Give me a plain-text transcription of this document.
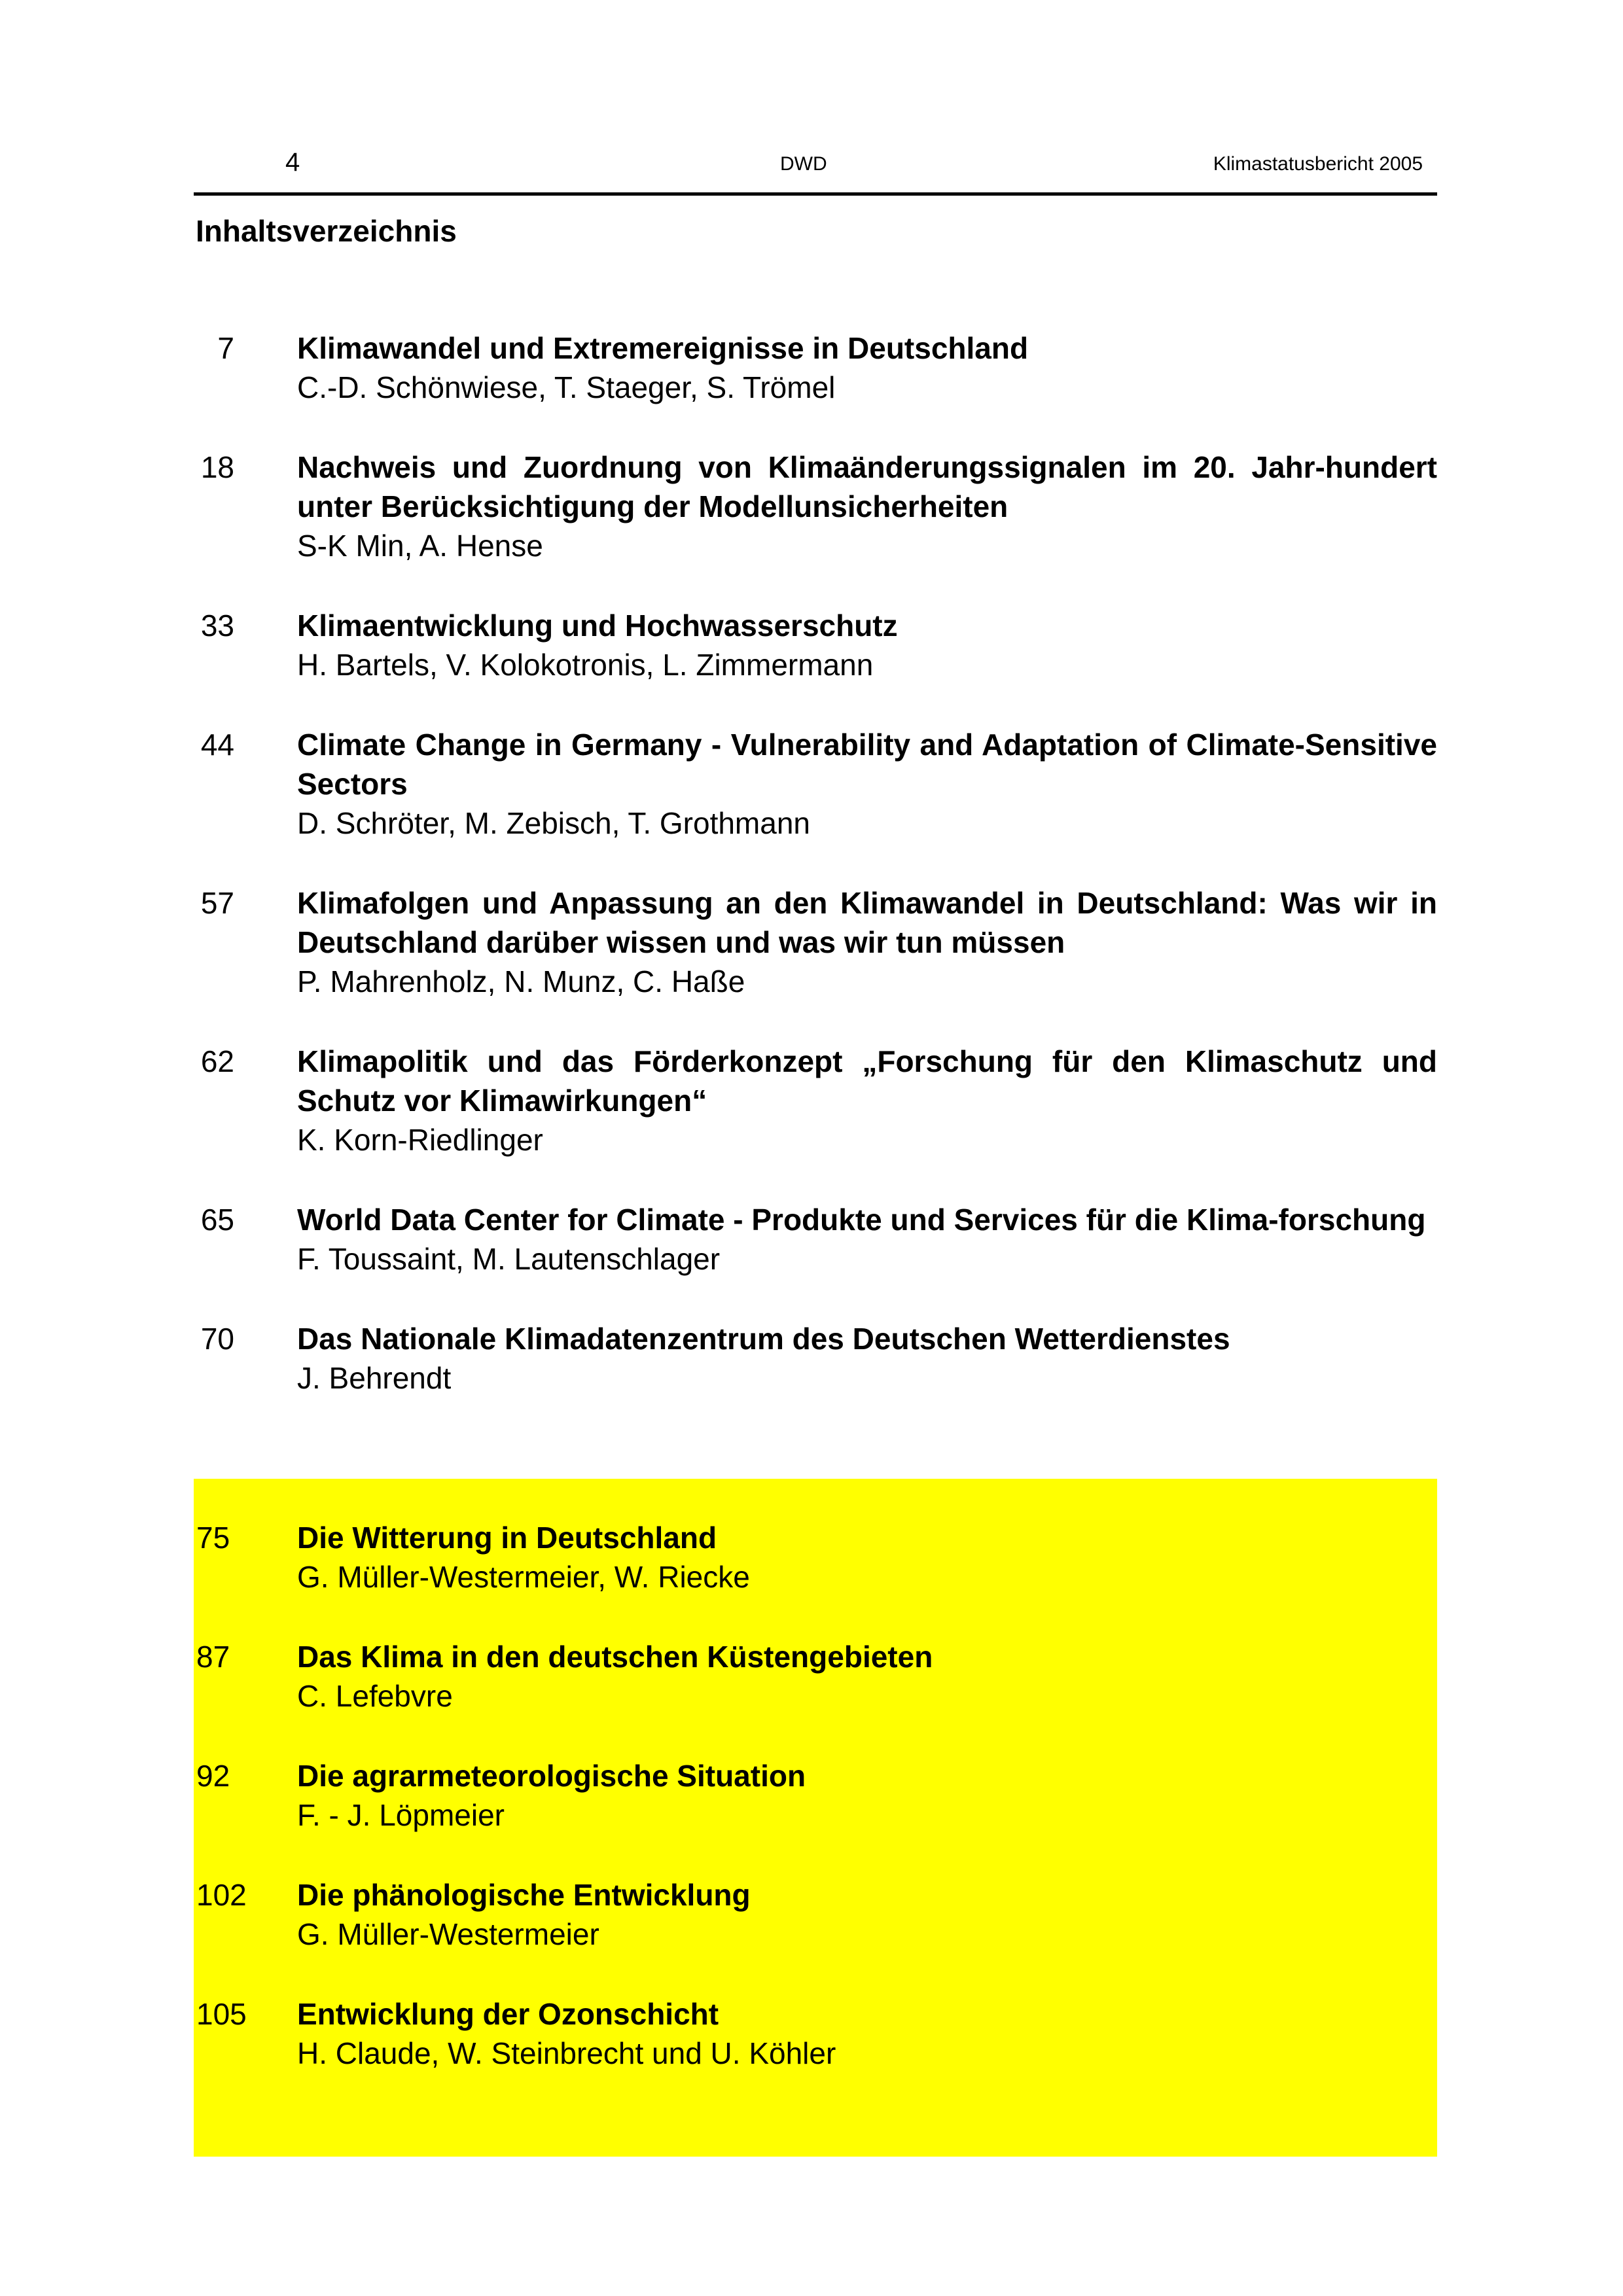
4	DWD	Klimastatusbericht 2005
Inhaltsverzeichnis
7 Klimawandel und Extremereignisse in Deutschland

C.-D. Schönwiese, T. Staeger, S. Trömel

18 Nachweis und Zuordnung von Klimaänderungssignalen im 20. Jahr-hundert unter Berücksichtigung der Modellunsicherheiten

S-K Min, A. Hense

33 Klimaentwicklung und Hochwasserschutz

H. Bartels, V. Kolokotronis, L. Zimmermann

44 Climate Change in Germany - Vulnerability and Adaptation of Climate-Sensitive Sectors

D. Schröter, M. Zebisch, T. Grothmann

57 Klimafolgen und Anpassung an den Klimawandel in Deutschland: Was wir in Deutschland darüber wissen und was wir tun müssen

P. Mahrenholz, N. Munz, C. Haße

62 Klimapolitik und das Förderkonzept „Forschung für den Klimaschutz und Schutz vor Klimawirkungen“

K. Korn-Riedlinger

65 World Data Center for Climate - Produkte und Services für die Klima-forschung

F. Toussaint, M. Lautenschlager

70 Das Nationale Klimadatenzentrum des Deutschen Wetterdienstes

J. Behrendt

75 Die Witterung in Deutschland

G. Müller-Westermeier, W. Riecke

87 Das Klima in den deutschen Küstengebieten

C. Lefebvre

92 Die agrarmeteorologische Situation

F. - J. Löpmeier

102 Die phänologische Entwicklung

G. Müller-Westermeier

105 Entwicklung der Ozonschicht

H. Claude, W. Steinbrecht und U. Köhler
